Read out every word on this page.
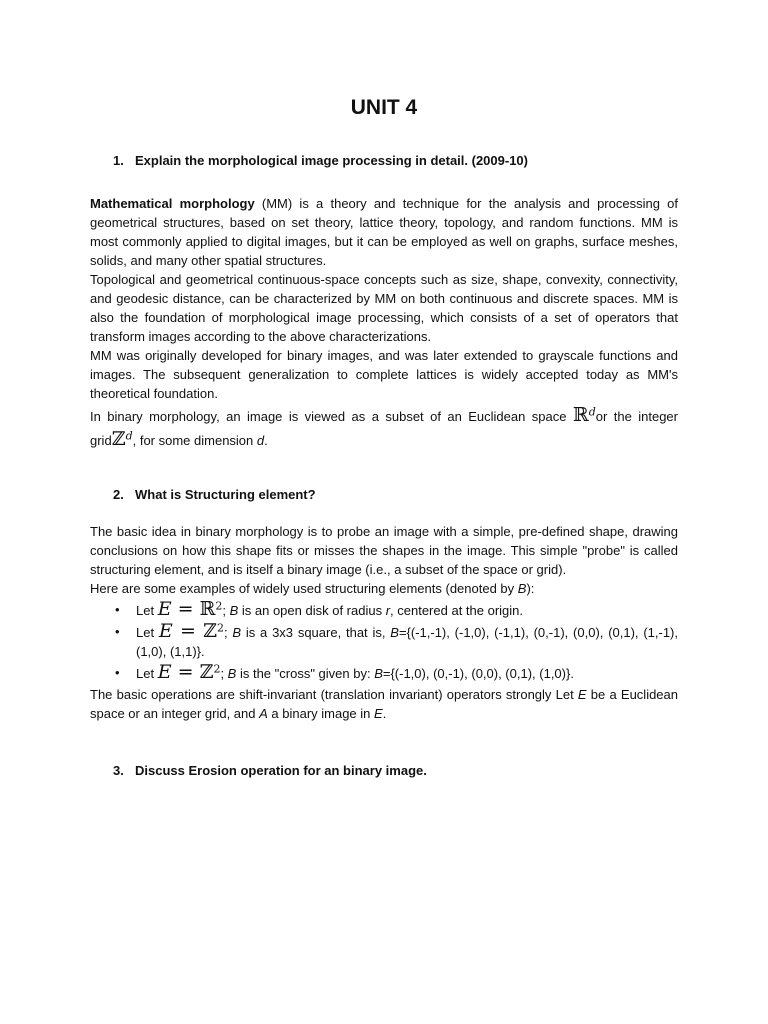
UNIT 4
1. Explain the morphological image processing in detail. (2009-10)

Mathematical morphology (MM) is a theory and technique for the analysis and processing of geometrical structures, based on set theory, lattice theory, topology, and random functions. MM is most commonly applied to digital images, but it can be employed as well on graphs, surface meshes, solids, and many other spatial structures.

Topological and geometrical continuous-space concepts such as size, shape, convexity, connectivity, and geodesic distance, can be characterized by MM on both continuous and discrete spaces. MM is also the foundation of morphological image processing, which consists of a set of operators that transform images according to the above characterizations.

MM was originally developed for binary images, and was later extended to grayscale functions and images. The subsequent generalization to complete lattices is widely accepted today as MM's theoretical foundation.

In binary morphology, an image is viewed as a subset of an Euclidean space ℝ$^d$or the integer gridℤ$^d$, for some dimension d.

2. What is Structuring element?

The basic idea in binary morphology is to probe an image with a simple, pre-defined shape, drawing conclusions on how this shape fits or misses the shapes in the image. This simple "probe" is called structuring element, and is itself a binary image (i.e., a subset of the space or grid).

Here are some examples of widely used structuring elements (denoted by B):

• Let E = ℝ$^2$; B is an open disk of radius r, centered at the origin.
• Let E = ℤ$^2$; B is a 3x3 square, that is, B={(-1,-1), (-1,0), (-1,1), (0,-1), (0,0), (0,1), (1,-1), (1,0), (1,1)}.
• Let E = ℤ$^2$; B is the "cross" given by: B={(-1,0), (0,-1), (0,0), (0,1), (1,0)}.

The basic operations are shift-invariant (translation invariant) operators strongly Let E be a Euclidean space or an integer grid, and A a binary image in E.

3. Discuss Erosion operation for an binary image.
